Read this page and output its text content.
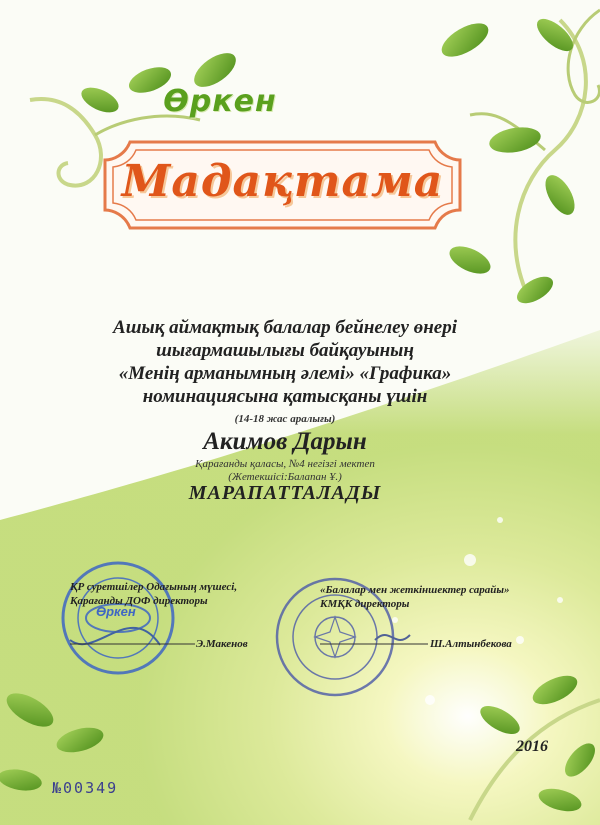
Өркен
Мадақтама
Ашық аймақтық балалар бейнелеу өнері
шығармашылығы байқауының
«Менің арманымның әлемі» «Графика»
номинациясына қатысқаны үшін
(14-18 жас аралығы)
Акимов Дарын
Қарағанды қаласы, №4 негізгі мектеп
(Жетекшісі:Балапан Ұ.)
МАРАПАТТАЛАДЫ
ҚР суретшілер Одағының мүшесі,
Қарағанды ДОФ директоры
Өркен
Э.Макенов
«Балалар мен жеткіншектер сарайы»
КМҚК директоры
Ш.Алтынбекова
2016
№00349
